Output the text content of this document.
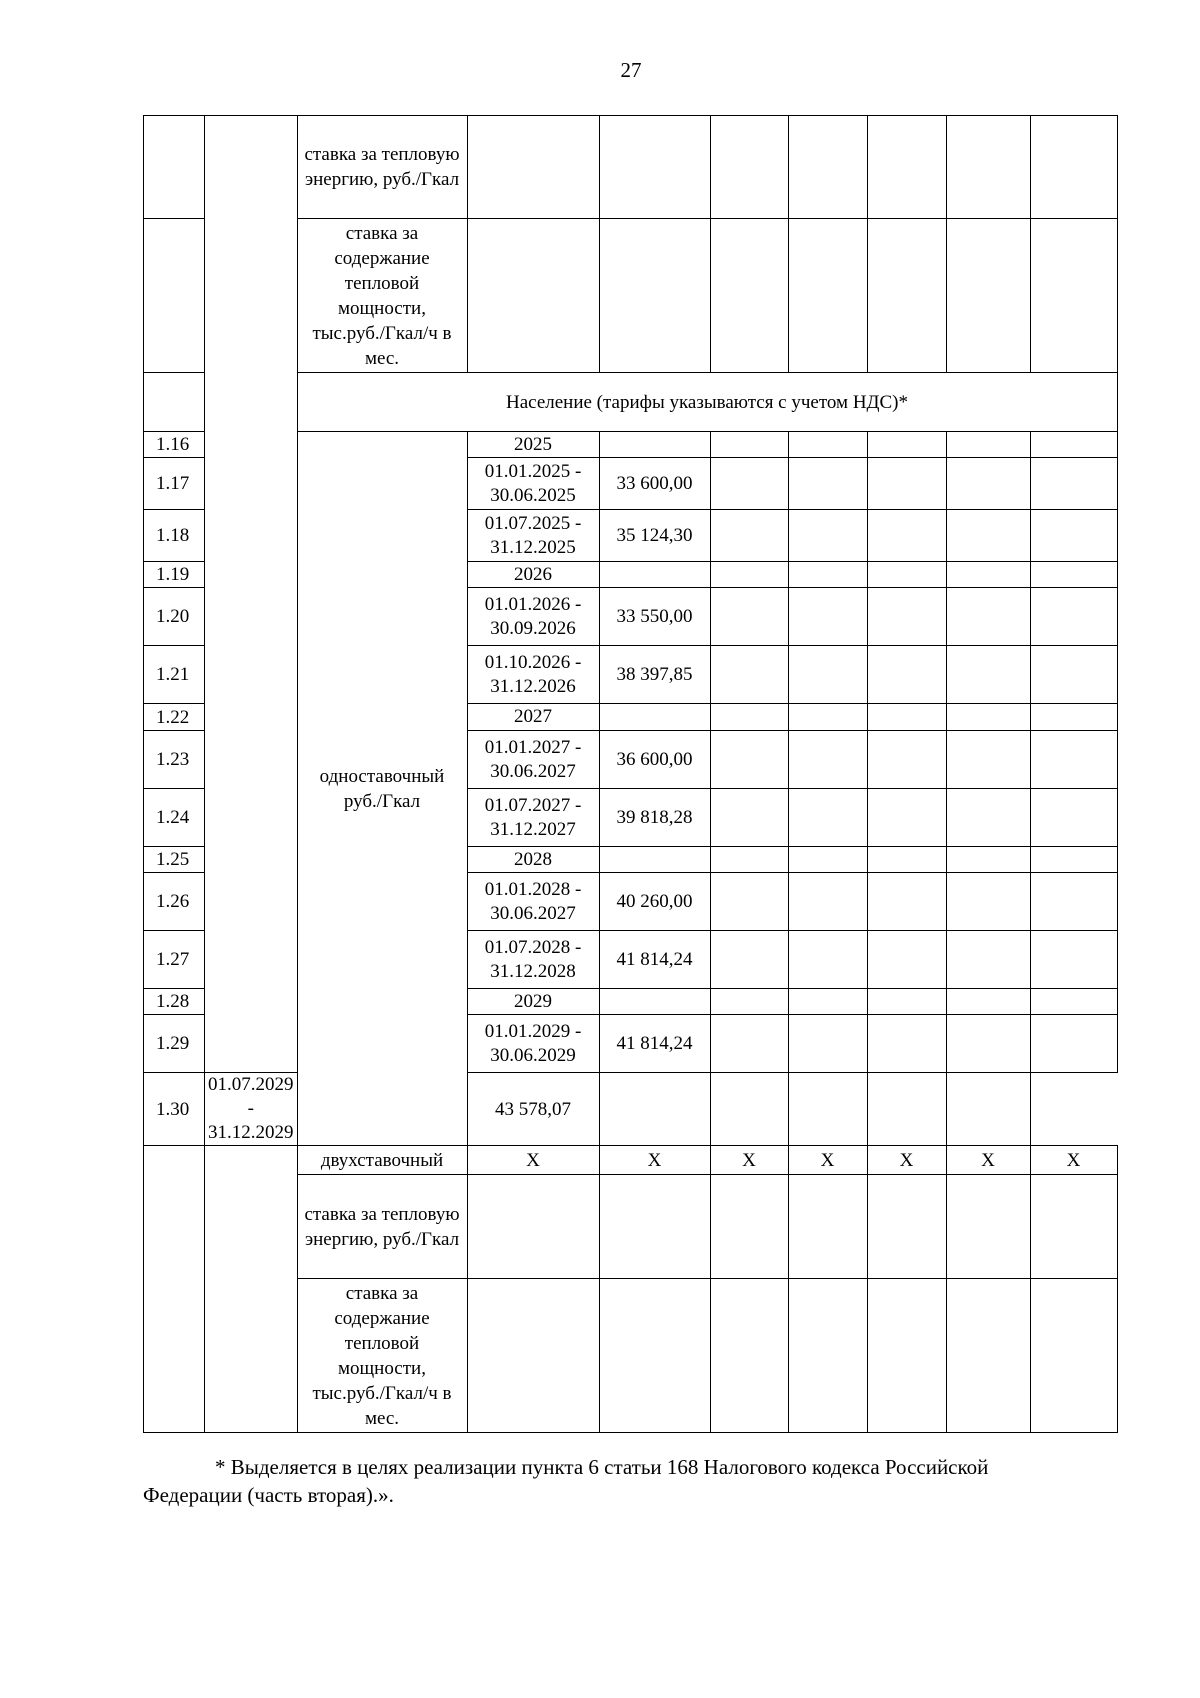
27
		ставка за тепловую энергию, руб./Гкал							
		ставка за содержание тепловой мощности, тыс.руб./Гкал/ч в мес.							
		Население (тарифы указываются с учетом НДС)*							
1.16		одноставочный руб./Гкал	2025						
1.17			01.01.2025 - 30.06.2025	33 600,00					
1.18			01.07.2025 - 31.12.2025	35 124,30					
1.19			2026						
1.20			01.01.2026 - 30.09.2026	33 550,00					
1.21			01.10.2026 - 31.12.2026	38 397,85					
1.22			2027						
1.23			01.01.2027 - 30.06.2027	36 600,00					
1.24			01.07.2027 - 31.12.2027	39 818,28					
1.25			2028						
1.26			01.01.2028 - 30.06.2027	40 260,00					
1.27			01.07.2028 - 31.12.2028	41 814,24					
1.28			2029						
1.29			01.01.2029 - 30.06.2029	41 814,24					
1.30	01.07.2029 - 31.12.2029		43 578,07						
		двухставочный	Х	Х	Х	Х	Х	Х	Х
		ставка за тепловую энергию, руб./Гкал							
		ставка за содержание тепловой мощности, тыс.руб./Гкал/ч в мес.							
* Выделяется в целях реализации пункта 6 статьи 168 Налогового кодекса Российской
Федерации (часть вторая).».
